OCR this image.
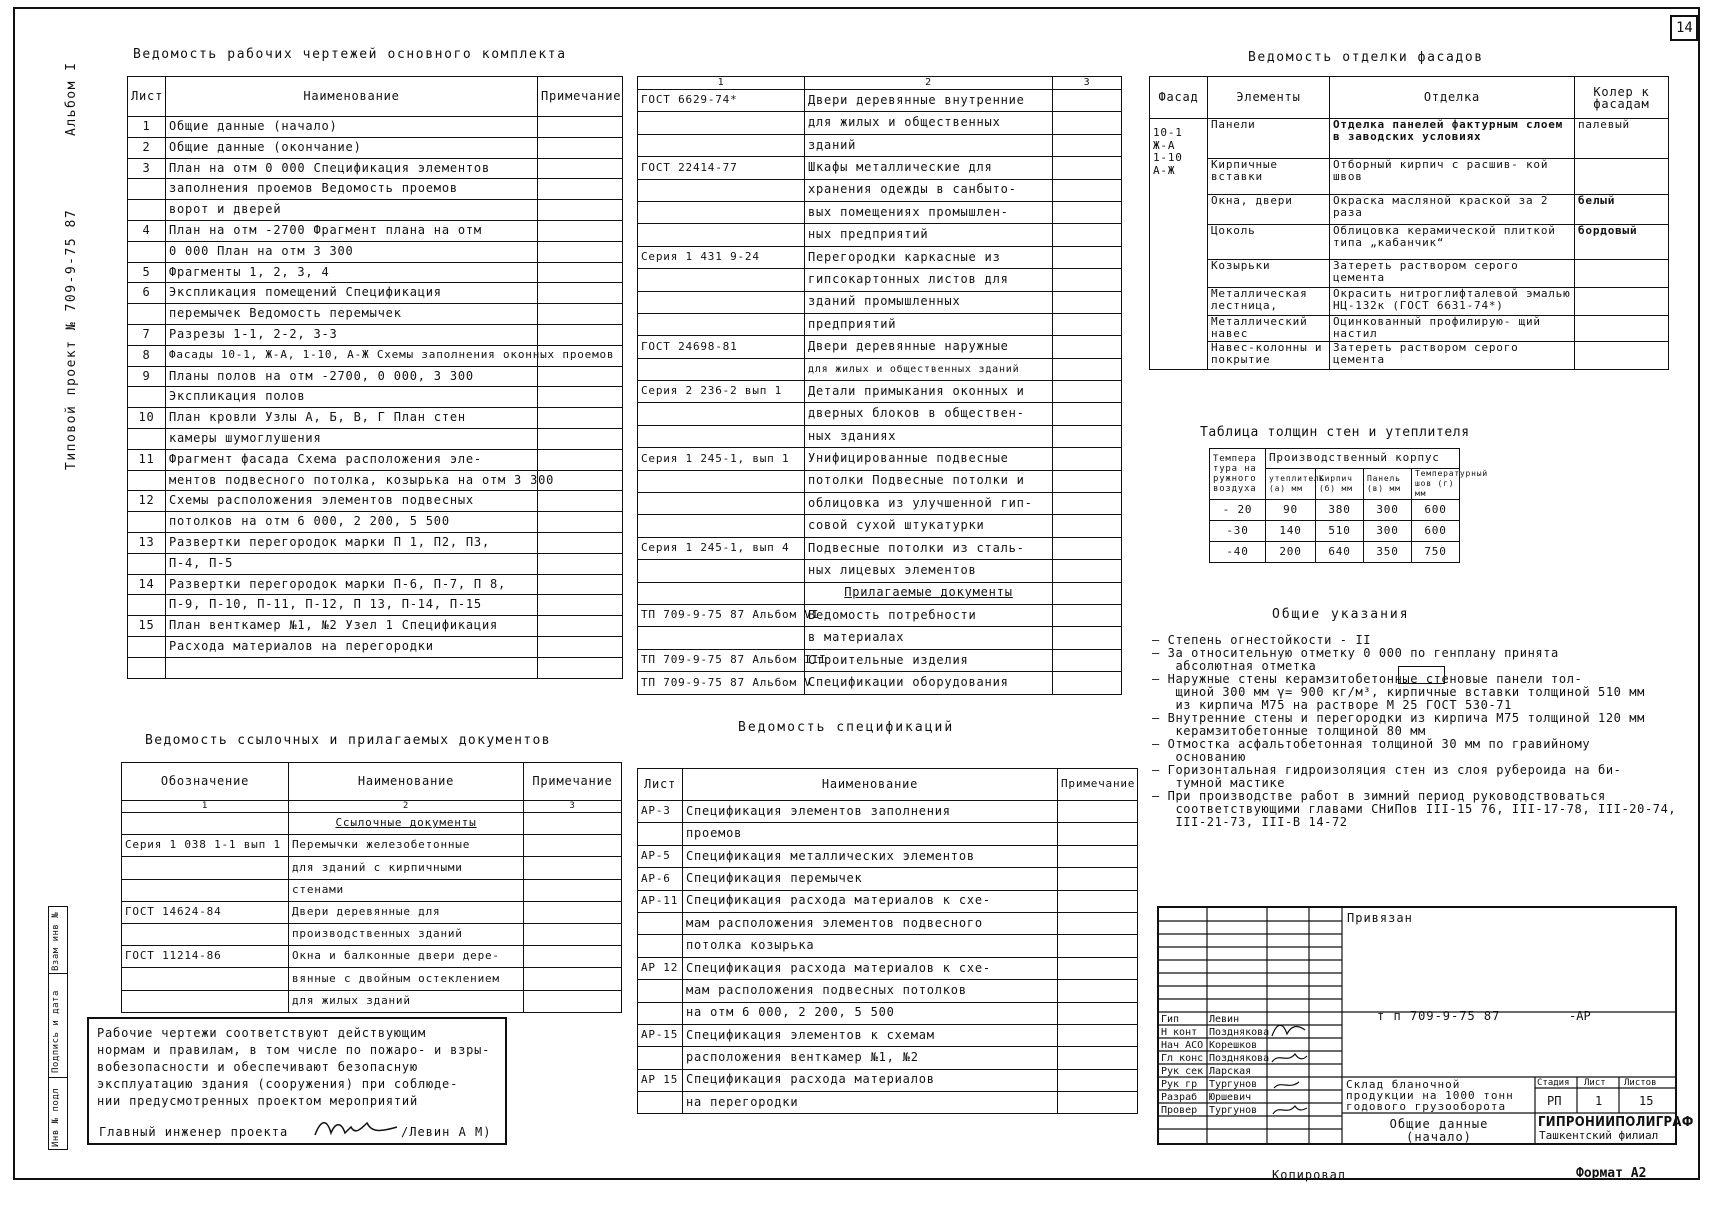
14
Альбом I
Типовой проект № 709-9-75 87
Ведомость рабочих чертежей основного комплекта
Лист	Наименование	Примечание
1	Общие данные (начало)	
2	Общие данные (окончание)	
3	План на отм 0 000 Спецификация элементов	
	заполнения проемов Ведомость проемов	
	ворот и дверей	
4	План на отм -2700 Фрагмент плана на отм	
	0 000 План на отм 3 300	
5	Фрагменты 1, 2, 3, 4	
6	Экспликация помещений Спецификация	
	перемычек Ведомость перемычек	
7	Разрезы 1-1, 2-2, 3-3	
8	Фасады 10-1, Ж-А, 1-10, А-Ж Схемы заполнения оконных проемов	
9	Планы полов на отм -2700, 0 000, 3 300	
	Экспликация полов	
10	План кровли Узлы А, Б, В, Г План стен	
	камеры шумоглушения	
11	Фрагмент фасада Схема расположения эле-	
	ментов подвесного потолка, козырька на отм 3 300	
12	Схемы расположения элементов подвесных	
	потолков на отм 6 000, 2 200, 5 500	
13	Развертки перегородок марки П 1, П2, П3,	
	П-4, П-5	
14	Развертки перегородок марки П-6, П-7, П 8,	
	П-9, П-10, П-11, П-12, П 13, П-14, П-15	
15	План венткамер №1, №2 Узел 1 Спецификация	
	Расхода материалов на перегородки	

1	2	3
ГОСТ 6629-74*	Двери деревянные внутренние	
	для жилых и общественных	
	зданий	
ГОСТ 22414-77	Шкафы металлические для	
	хранения одежды в санбыто-	
	вых помещениях промышлен-	
	ных предприятий	
Серия 1 431 9-24	Перегородки каркасные из	
	гипсокартонных листов для	
	зданий промышленных	
	предприятий	
ГОСТ 24698-81	Двери деревянные наружные	
	для жилых и общественных зданий	
Серия 2 236-2 вып 1	Детали примыкания оконных и	
	дверных блоков в обществен-	
	ных зданиях	
Серия 1 245-1, вып 1	Унифицированные подвесные	
	потолки Подвесные потолки и	
	облицовка из улучшенной гип-	
	совой сухой штукатурки	
Серия 1 245-1, вып 4	Подвесные потолки из сталь-	
	ных лицевых элементов	
	Прилагаемые документы	
ТП 709-9-75 87 Альбом VI	Ведомость потребности	
	в материалах	
ТП 709-9-75 87 Альбом III	Строительные изделия	
ТП 709-9-75 87 Альбом V	Спецификации оборудования	
Ведомость отделки фасадов
Фасад	Элементы	Отделка	Колер к фасадам

10-1
Ж-А
1-10
А-Ж	Панели	Отделка панелей фактурным слоем в заводских условиях	палевый
	Кирпичные вставки	Отборный кирпич с расшив- кой швов	
	Окна, двери	Окраска масляной краской за 2 раза	белый
	Цоколь	Облицовка керамической плиткой типа „кабанчик“	бордовый
	Козырьки	Затереть раствором серого цемента	
	Металлическая лестница,	Окрасить нитроглифталевой эмалью НЦ-132к (ГОСТ 6631-74*)	
	Металлический навес	Оцинкованный профилирую- щий настил	
	Навес-колонны и покрытие	Затереть раствором серого цемента	
Таблица толщин стен и утеплителя
Темпера тура на ружного воздуха	Производственный корпус			
	утеплитель (а) мм	Кирпич (б) мм	Панель (в) мм	Температурный шов (г) мм
- 20	90	380	300	600
-30	140	510	300	600
-40	200	640	350	750
Общие указания
— Степень огнестойкости - II
— За относительную отметку 0 000 по генплану принята
абсолютная отметка
— Наружные стены керамзитобетонные стеновые панели тол-
щиной 300 мм γ= 900 кг/м³, кирпичные вставки толщиной 510 мм
из кирпича М75 на растворе М 25 ГОСТ 530-71
— Внутренние стены и перегородки из кирпича М75 толщиной 120 мм
керамзитобетонные толщиной 80 мм
— Отмостка асфальтобетонная толщиной 30 мм по гравийному
основанию
— Горизонтальная гидроизоляция стен из слоя рубероида на би-
тумной мастике
— При производстве работ в зимний период руководствоваться
соответствующими главами СНиПов III-15 76, III-17-78, III-20-74,
III-21-73, III-В 14-72
Ведомость спецификаций
Лист	Наименование	Примечание
АР-3	Спецификация элементов заполнения	
	проемов	
АР-5	Спецификация металлических элементов	
АР-6	Спецификация перемычек	
АР-11	Спецификация расхода материалов к схе-	
	мам расположения элементов подвесного	
	потолка козырька	
АР 12	Спецификация расхода материалов к схе-	
	мам расположения подвесных потолков	
	на отм 6 000, 2 200, 5 500	
АР-15	Спецификация элементов к схемам	
	расположения венткамер №1, №2	
АР 15	Спецификация расхода материалов	
	на перегородки	
Ведомость ссылочных и прилагаемых документов
Обозначение	Наименование	Примечание
1	2	3
	Ссылочные документы	
Серия 1 038 1-1 вып 1	Перемычки железобетонные	
	для зданий с кирпичными	
	стенами	
ГОСТ 14624-84	Двери деревянные для	
	производственных зданий	
ГОСТ 11214-86	Окна и балконные двери дере-	
	вянные с двойным остеклением	
	для жилых зданий	
Рабочие чертежи соответствуют действующим
нормам и правилам, в том числе по пожаро- и взры-
вобезопасности и обеспечивают безопасную
эксплуатацию здания (сооружения) при соблюде-
нии предусмотренных проектом мероприятий
Главный инженер проекта	/Левин А М)
Взам инв №
Подпись и дата
Инв № подл
Привязан
т п 709-9-75 87	-АР
Гип	Левин
Н конт Позднякова
Нач АСО Корешков
Гл конс Позднякова
Рук сек Ларская
Рук гр Тургунов
Разраб Юршевич
Провер Тургунов
Склад бланочной продукции на 1000 тонн годового грузооборота
Общие данные (начало)
Стадия Лист Листов
РП	1	15
ГИПРОНИИПОЛИГРАФ
Ташкентский филиал
Копировал	Формат А2
